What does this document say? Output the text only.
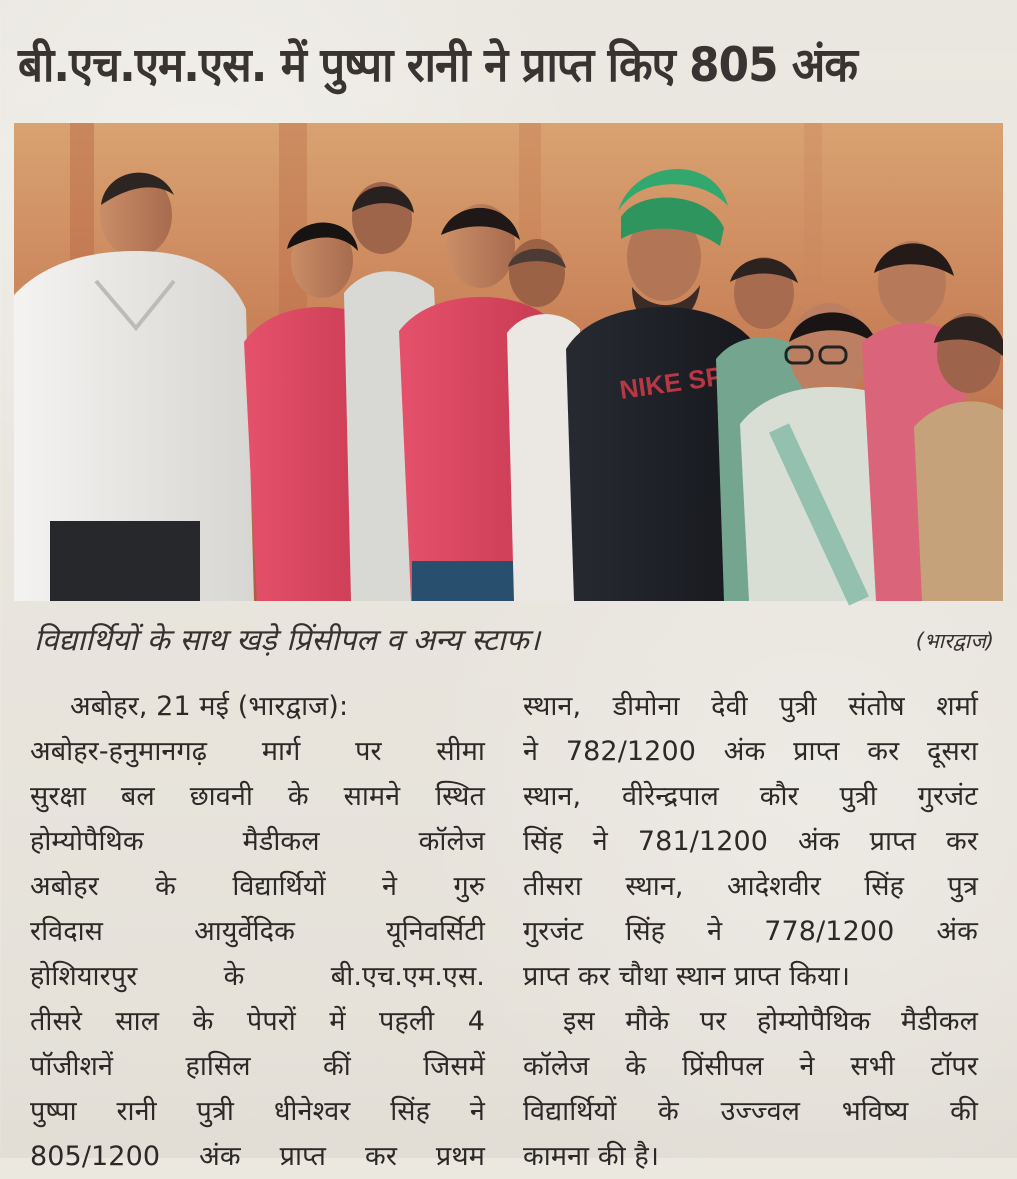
बी.एच.एम.एस. में पुष्पा रानी ने प्राप्त किए 805 अंक
NIKE
विद्यार्थियों के साथ खड़े प्रिंसीपल व अन्य स्टाफ।	(भारद्वाज)
अबोहर, 21 मई (भारद्वाज):
अबोहर-हनुमानगढ़ मार्ग पर सीमा
सुरक्षा बल छावनी के सामने स्थित
होम्योपैथिक मैडीकल कॉलेज
अबोहर के विद्यार्थियों ने गुरु
रविदास आयुर्वेदिक यूनिवर्सिटी
होशियारपुर के बी.एच.एम.एस.
तीसरे साल के पेपरों में पहली 4
पॉजीशनें हासिल कीं जिसमें
पुष्पा रानी पुत्री धीनेश्वर सिंह ने
805/1200 अंक प्राप्त कर प्रथम
स्थान, डीमोना देवी पुत्री संतोष शर्मा
ने 782/1200 अंक प्राप्त कर दूसरा
स्थान, वीरेन्द्रपाल कौर पुत्री गुरजंट
सिंह ने 781/1200 अंक प्राप्त कर
तीसरा स्थान, आदेशवीर सिंह पुत्र
गुरजंट सिंह ने 778/1200 अंक
प्राप्त कर चौथा स्थान प्राप्त किया।
इस मौके पर होम्योपैथिक मैडीकल
कॉलेज के प्रिंसीपल ने सभी टॉपर
विद्यार्थियों के उज्ज्वल भविष्य की
कामना की है।
